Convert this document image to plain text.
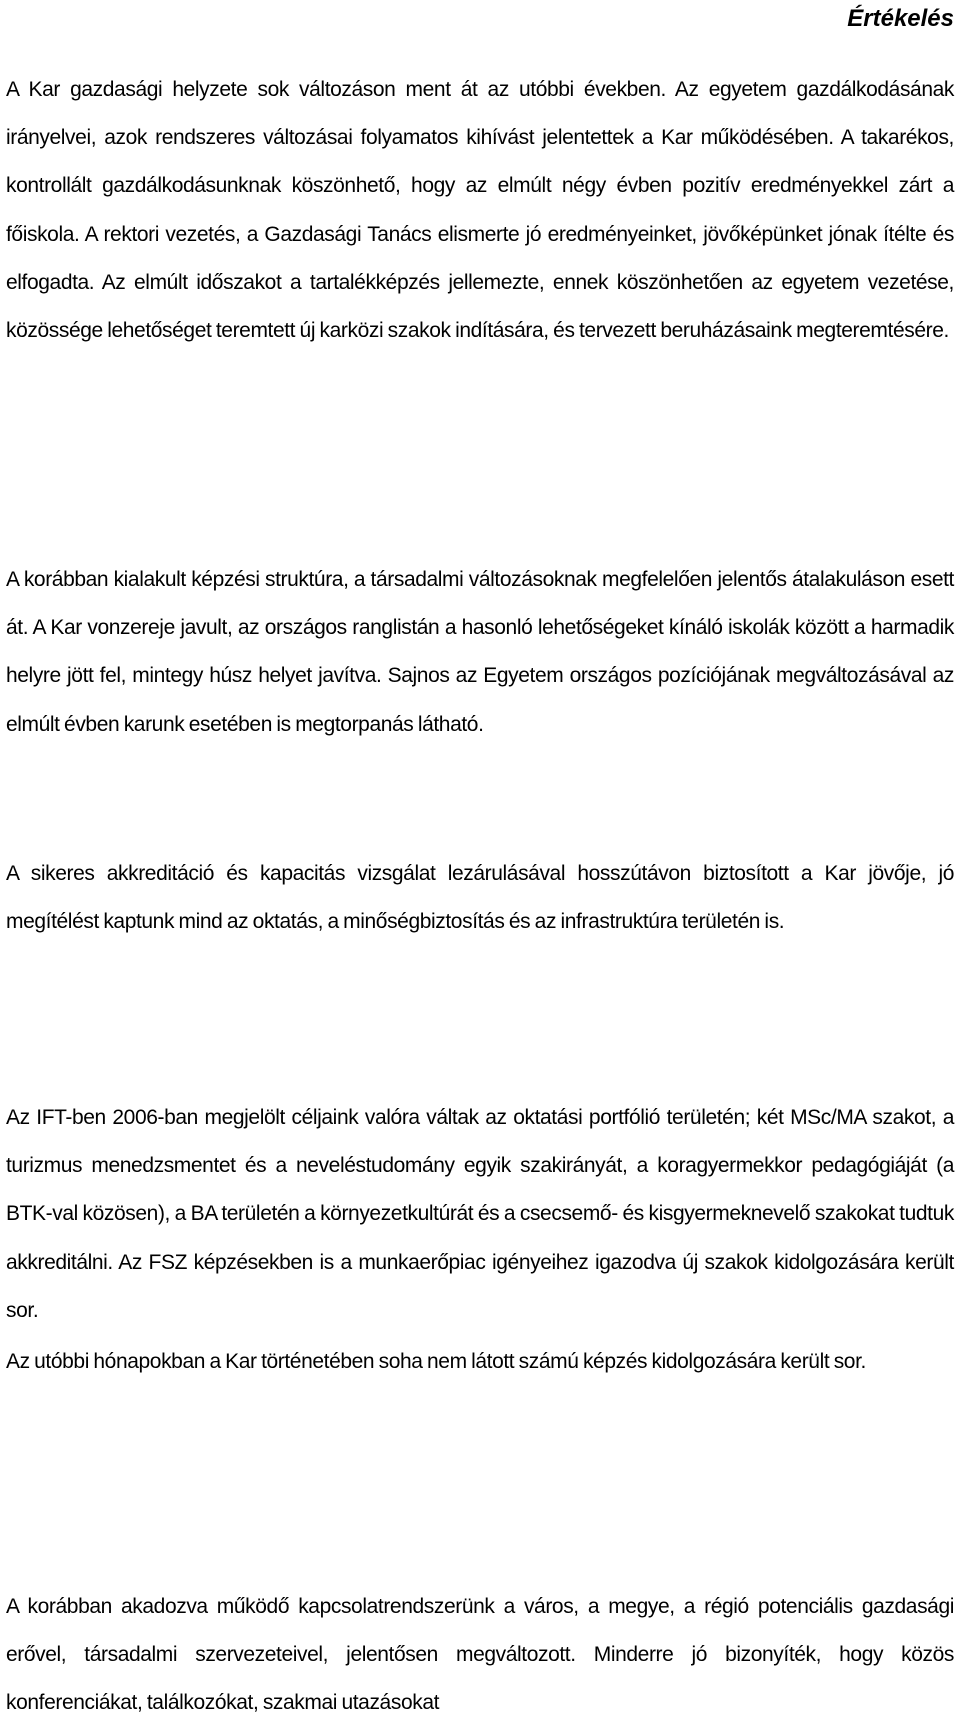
Értékelés

A Kar gazdasági helyzete sok változáson ment át az utóbbi években. Az egyetem gazdálkodásának irányelvei, azok rendszeres változásai folyamatos kihívást jelentettek a Kar működésében. A takarékos, kontrollált gazdálkodásunknak köszönhető, hogy az elmúlt négy évben pozitív eredményekkel zárt a főiskola. A rektori vezetés, a Gazdasági Tanács elismerte jó eredményeinket, jövőképünket jónak ítélte és elfogadta. Az elmúlt időszakot a tartalékképzés jellemezte, ennek köszönhetően az egyetem vezetése, közössége lehetőséget teremtett új karközi szakok indítására, és tervezett beruházásaink megteremtésére.

A korábban kialakult képzési struktúra, a társadalmi változásoknak megfelelően jelentős átalakuláson esett át. A Kar vonzereje javult, az országos ranglistán a hasonló lehetőségeket kínáló iskolák között a harmadik helyre jött fel, mintegy húsz helyet javítva. Sajnos az Egyetem országos pozíciójának megváltozásával az elmúlt évben karunk esetében is megtorpanás látható.

A sikeres akkreditáció és kapacitás vizsgálat lezárulásával hosszútávon biztosított a Kar jövője, jó megítélést kaptunk mind az oktatás, a minőségbiztosítás és az infrastruktúra területén is.

Az IFT-ben 2006-ban megjelölt céljaink valóra váltak az oktatási portfólió területén; két MSc/MA szakot, a turizmus menedzsmentet és a neveléstudomány egyik szakirányát, a koragyermekkor pedagógiáját (a BTK-val közösen), a BA területén a környezetkultúrát és a csecsemő- és kisgyermeknevelő szakokat tudtuk akkreditálni. Az FSZ képzésekben is a munkaerőpiac igényeihez igazodva új szakok kidolgozására került sor.

Az utóbbi hónapokban a Kar történetében soha nem látott számú képzés kidolgozására került sor.

A korábban akadozva működő kapcsolatrendszerünk a város, a megye, a régió potenciális gazdasági erővel, társadalmi szervezeteivel, jelentősen megváltozott. Minderre jó bizonyíték, hogy közös konferenciákat, találkozókat, szakmai utazásokat
